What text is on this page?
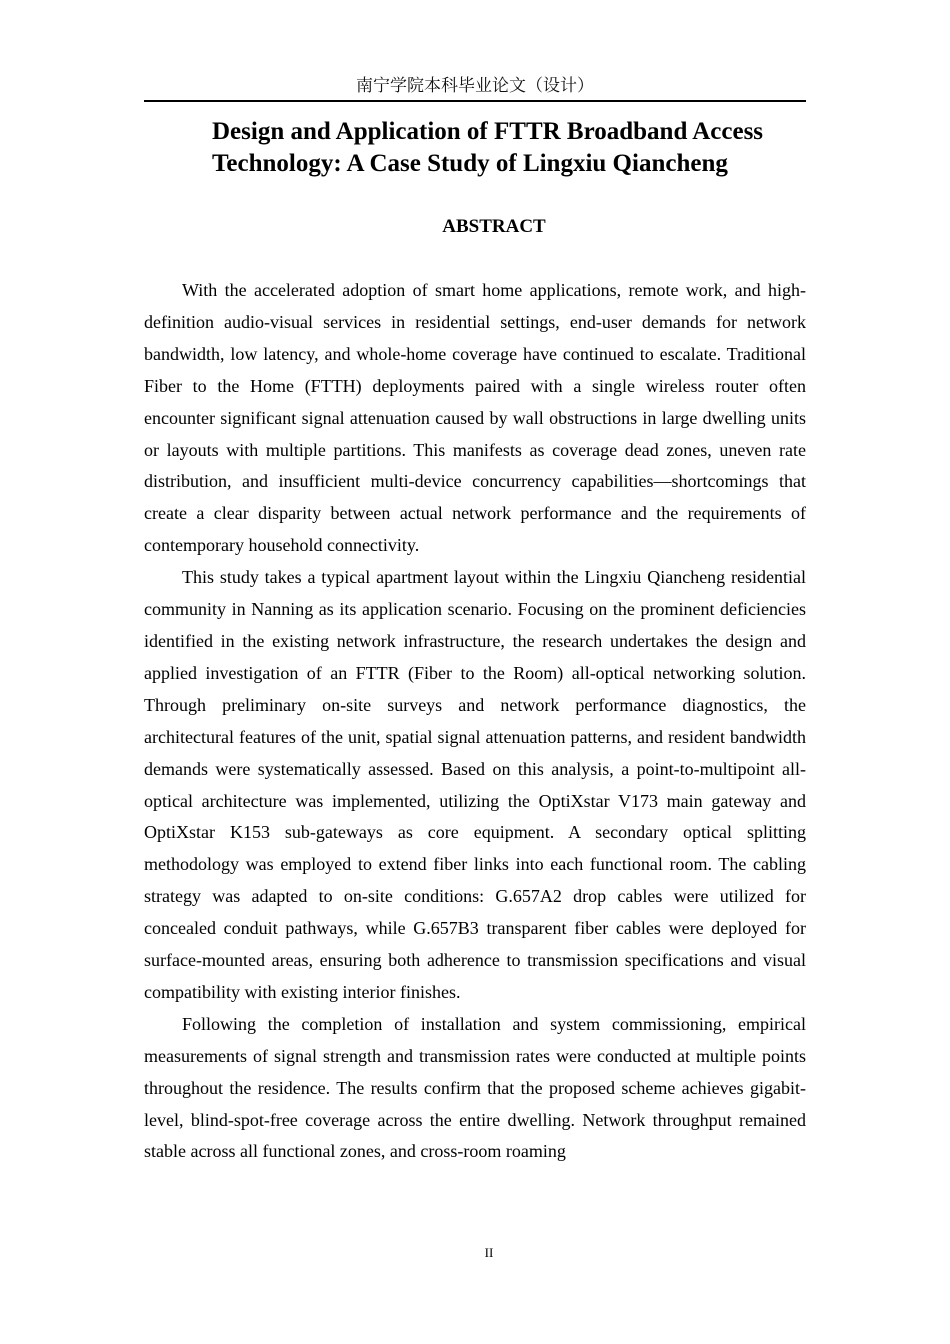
南宁学院本科毕业论文（设计）
Design and Application of FTTR Broadband Access
Technology: A Case Study of Lingxiu Qiancheng
ABSTRACT

With the accelerated adoption of smart home applications, remote work, and high-definition audio-visual services in residential settings, end-user demands for network bandwidth, low latency, and whole-home coverage have continued to escalate. Traditional Fiber to the Home (FTTH) deployments paired with a single wireless router often encounter significant signal attenuation caused by wall obstructions in large dwelling units or layouts with multiple partitions. This manifests as coverage dead zones, uneven rate distribution, and insufficient multi-device concurrency capabilities—shortcomings that create a clear disparity between actual network performance and the requirements of contemporary household connectivity.

This study takes a typical apartment layout within the Lingxiu Qiancheng residential community in Nanning as its application scenario. Focusing on the prominent deficiencies identified in the existing network infrastructure, the research undertakes the design and applied investigation of an FTTR (Fiber to the Room) all-optical networking solution. Through preliminary on-site surveys and network performance diagnostics, the architectural features of the unit, spatial signal attenuation patterns, and resident bandwidth demands were systematically assessed. Based on this analysis, a point-to-multipoint all-optical architecture was implemented, utilizing the OptiXstar V173 main gateway and OptiXstar K153 sub-gateways as core equipment. A secondary optical splitting methodology was employed to extend fiber links into each functional room. The cabling strategy was adapted to on-site conditions: G.657A2 drop cables were utilized for concealed conduit pathways, while G.657B3 transparent fiber cables were deployed for surface-mounted areas, ensuring both adherence to transmission specifications and visual compatibility with existing interior finishes.

Following the completion of installation and system commissioning, empirical measurements of signal strength and transmission rates were conducted at multiple points throughout the residence. The results confirm that the proposed scheme achieves gigabit-level, blind-spot-free coverage across the entire dwelling. Network throughput remained stable across all functional zones, and cross-room roaming

II
